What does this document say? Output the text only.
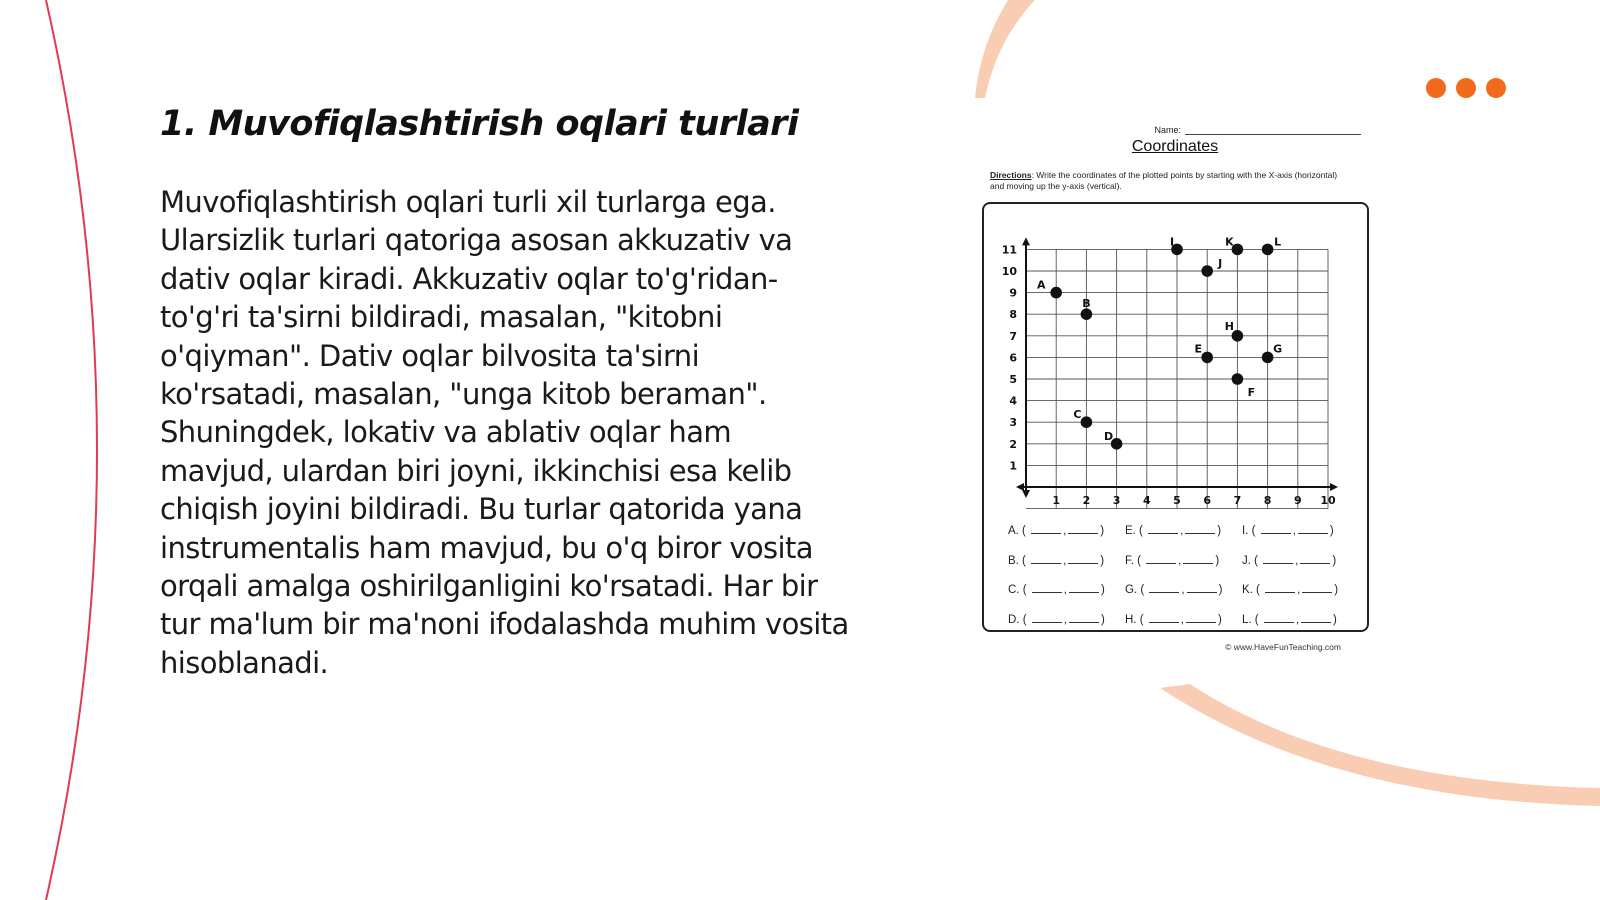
1. Muvofiqlashtirish oqlari turlari

Muvofiqlashtirish oqlari turli xil turlarga ega. Ularsizlik turlari qatoriga asosan akkuzativ va dativ oqlar kiradi. Akkuzativ oqlar to'g'ridan-to'g'ri ta'sirni bildiradi, masalan, "kitobni o'qiyman". Dativ oqlar bilvosita ta'sirni ko'rsatadi, masalan, "unga kitob beraman". Shuningdek, lokativ va ablativ oqlar ham mavjud, ulardan biri joyni, ikkinchisi esa kelib chiqish joyini bildiradi. Bu turlar qatorida yana instrumentalis ham mavjud, bu o'q biror vosita orqali amalga oshirilganligini ko'rsatadi. Har bir tur ma'lum bir ma'noni ifodalashda muhim vosita hisoblanadi.

Name:
Coordinates
Directions: Write the coordinates of the plotted points by starting with the X-axis (horizontal) and moving up the y-axis (vertical).
1 2 3 4 5 6 7 8 9 10
1
2
3
4
5
6
7
8
9
10
11
A
B
C
D
E
F
G
H
I
J
K	L
A. (	,	)	E. (	,	)	I. (	,	)
B. (	,	)	F. (	,	)	J. (	,	)
C. (	,	)	G. (	,	)	K. (	,	)
D. (	,	)	H. (	,	)	L. (	,	)
© www.HaveFunTeaching.com
